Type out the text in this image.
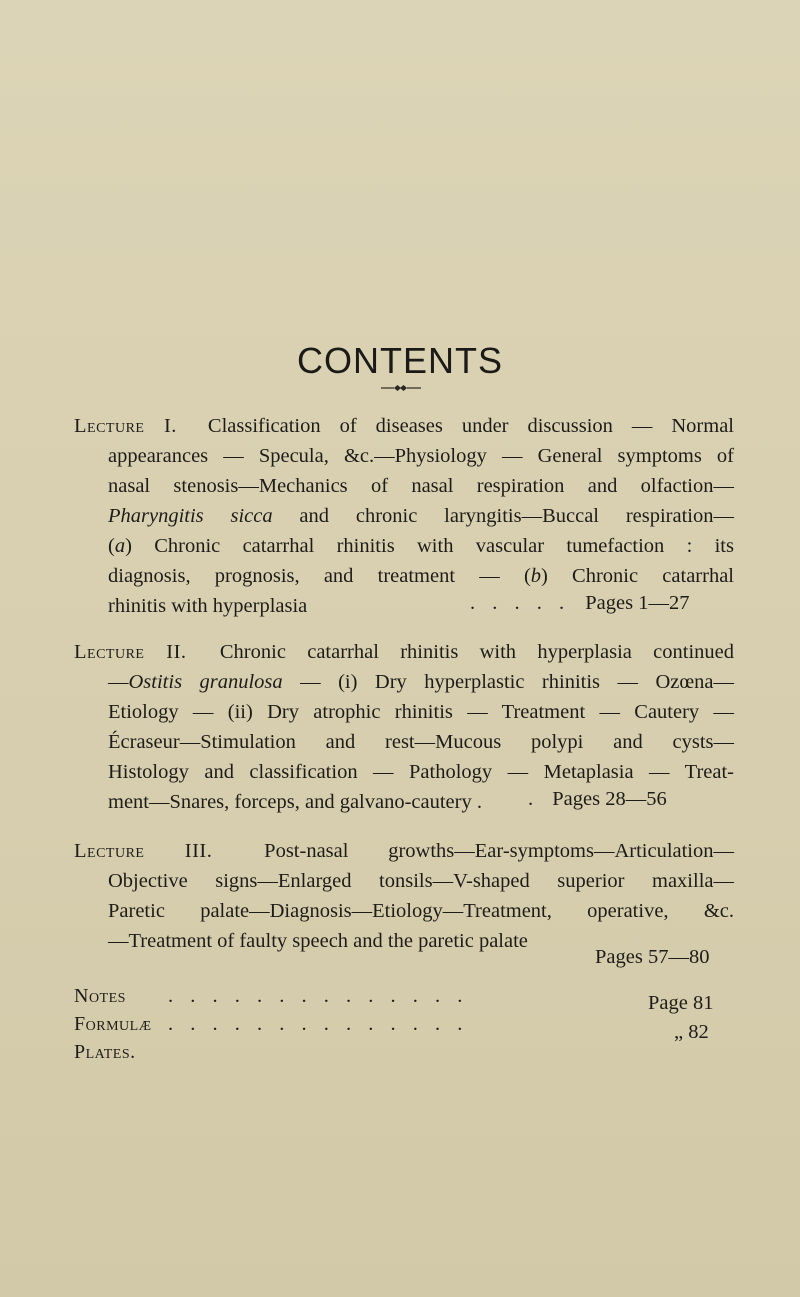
CONTENTS
Lecture I. Classification of diseases under discussion — Normal
appearances — Specula, &c.—Physiology — General symptoms of
nasal stenosis—Mechanics of nasal respiration and olfaction—
Pharyngitis sicca and chronic laryngitis—Buccal respiration—
(a) Chronic catarrhal rhinitis with vascular tumefaction : its
diagnosis, prognosis, and treatment — (b) Chronic catarrhal
rhinitis with hyperplasia	. . . . . Pages 1—27
Lecture II. Chronic catarrhal rhinitis with hyperplasia continued
—Ostitis granulosa — (i) Dry hyperplastic rhinitis — Ozœna—
Etiology — (ii) Dry atrophic rhinitis — Treatment — Cautery —
Écraseur—Stimulation and rest—Mucous polypi and cysts—
Histology and classification — Pathology — Metaplasia — Treat-
ment—Snares, forceps, and galvano-cautery .	. Pages 28—56
Lecture III.	Post-nasal growths—Ear-symptoms—Articulation—
Objective signs—Enlarged tonsils—V-shaped superior maxilla—
Paretic palate—Diagnosis—Etiology—Treatment, operative, &c.
—Treatment of faulty speech and the paretic palate
Pages 57—80
Notes . . . . . . . . . . . . . .	Page 81
Formulæ . . . . . . . . . . . . . .	„ 82
Plates.
